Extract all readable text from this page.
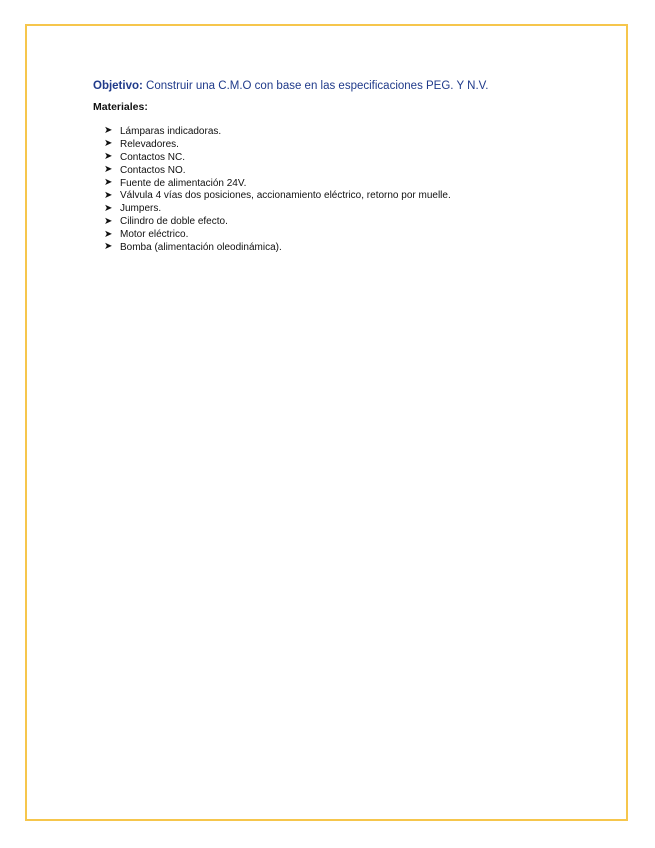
Objetivo: Construir una C.M.O con base en las especificaciones PEG. Y N.V.
Materiales:
➤ Lámparas indicadoras.
➤ Relevadores.
➤ Contactos NC.
➤ Contactos NO.
➤ Fuente de alimentación 24V.
➤ Válvula 4 vías dos posiciones, accionamiento eléctrico, retorno por muelle.
➤ Jumpers.
➤ Cilindro de doble efecto.
➤ Motor eléctrico.
➤ Bomba (alimentación oleodinámica).
